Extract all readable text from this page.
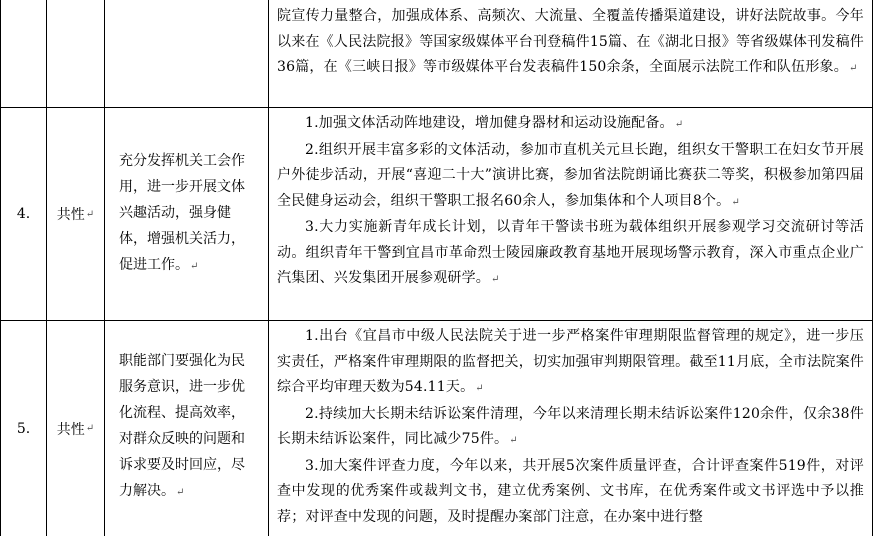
院宣传力量整合，加强成体系、高频次、大流量、全覆盖传播渠道建设，讲好法院故事。今年以来在《人民法院报》等国家级媒体平台刊登稿件15篇、在《湖北日报》等省级媒体刊发稿件36篇，在《三峡日报》等市级媒体平台发表稿件150余条，全面展示法院工作和队伍形象。↵

4. 共性 ↵
充分发挥机关工会作用，进一步开展文体兴趣活动，强身健体，增强机关活力，促进工作。↵

1.加强文体活动阵地建设，增加健身器材和运动设施配备。↵

2.组织开展丰富多彩的文体活动，参加市直机关元旦长跑，组织女干警职工在妇女节开展户外徒步活动，开展“喜迎二十大”演讲比赛，参加省法院朗诵比赛获二等奖，积极参加第四届全民健身运动会，组织干警职工报名60余人，参加集体和个人项目8个。↵

3.大力实施新青年成长计划，以青年干警读书班为载体组织开展参观学习交流研讨等活动。组织青年干警到宜昌市革命烈士陵园廉政教育基地开展现场警示教育，深入市重点企业广汽集团、兴发集团开展参观研学。↵

5. 共性 ↵
职能部门要强化为民服务意识，进一步优化流程、提高效率，对群众反映的问题和诉求要及时回应，尽力解决。↵

1.出台《宜昌市中级人民法院关于进一步严格案件审理期限监督管理的规定》，进一步压实责任，严格案件审理期限的监督把关，切实加强审判期限管理。截至11月底，全市法院案件综合平均审理天数为54.11天。↵

2.持续加大长期未结诉讼案件清理，今年以来清理长期未结诉讼案件120余件，仅余38件长期未结诉讼案件，同比减少75件。↵

3.加大案件评查力度，今年以来，共开展5次案件质量评查，合计评查案件519件，对评查中发现的优秀案件或裁判文书，建立优秀案例、文书库，在优秀案件或文书评选中予以推荐；对评查中发现的问题，及时提醒办案部门注意，在办案中进行整
